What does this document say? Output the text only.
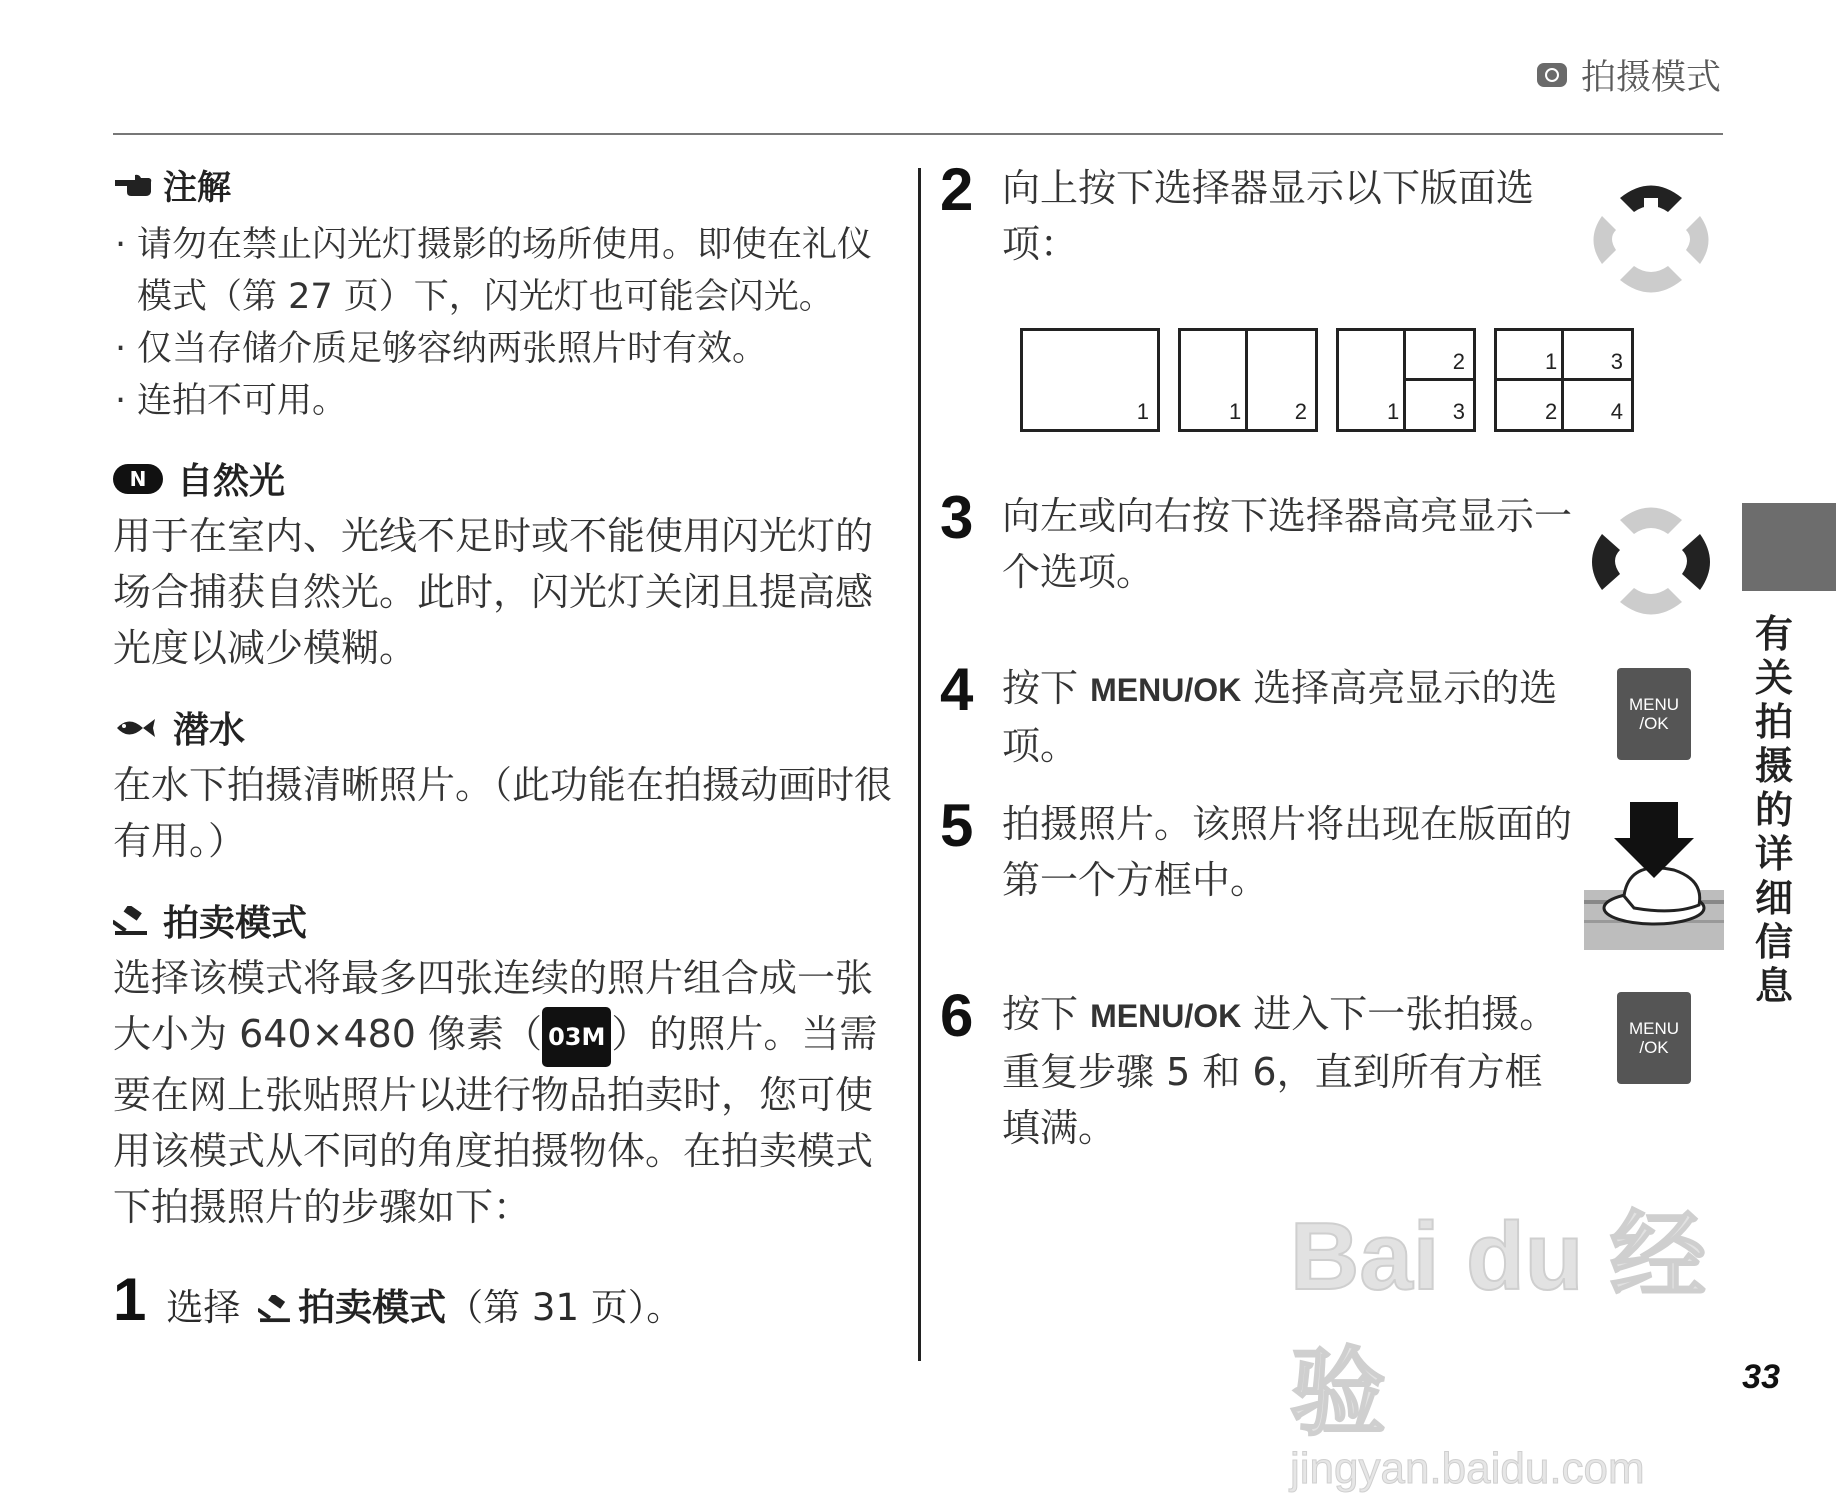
拍摄模式
注解
· 请勿在禁止闪光灯摄影的场所使用。即使在礼仪模式（第 27 页）下，闪光灯也可能会闪光。
· 仅当存储介质足够容纳两张照片时有效。
· 连拍不可用。
N 自然光

用于在室内、光线不足时或不能使用闪光灯的场合捕获自然光。此时，闪光灯关闭且提高感光度以减少模糊。

潜水

在水下拍摄清晰照片。（此功能在拍摄动画时很有用。）

拍卖模式

选择该模式将最多四张连续的照片组合成一张大小为 640×480 像素（ 03M ）的照片。当需要在网上张贴照片以进行物品拍卖时，您可使用该模式从不同的角度拍摄物体。在拍卖模式下拍摄照片的步骤如下：

1 选择 拍卖模式（第 31 页）。
2 向上按下选择器显示以下版面选项：
1	1 2	1
2
3
1 3
2 4
3 向左或向右按下选择器高亮显示一个选项。
4 按下 MENU/OK 选择高亮显示的选项。
MENU
/OK
5 拍摄照片。该照片将出现在版面的第一个方框中。
6 按下 MENU/OK 进入下一张拍摄。重复步骤 5 和 6，直到所有方框填满。
MENU
/OK
有
关
拍
摄
的
详
细
信
息
Bai du 经验
jingyan.baidu.com
33
